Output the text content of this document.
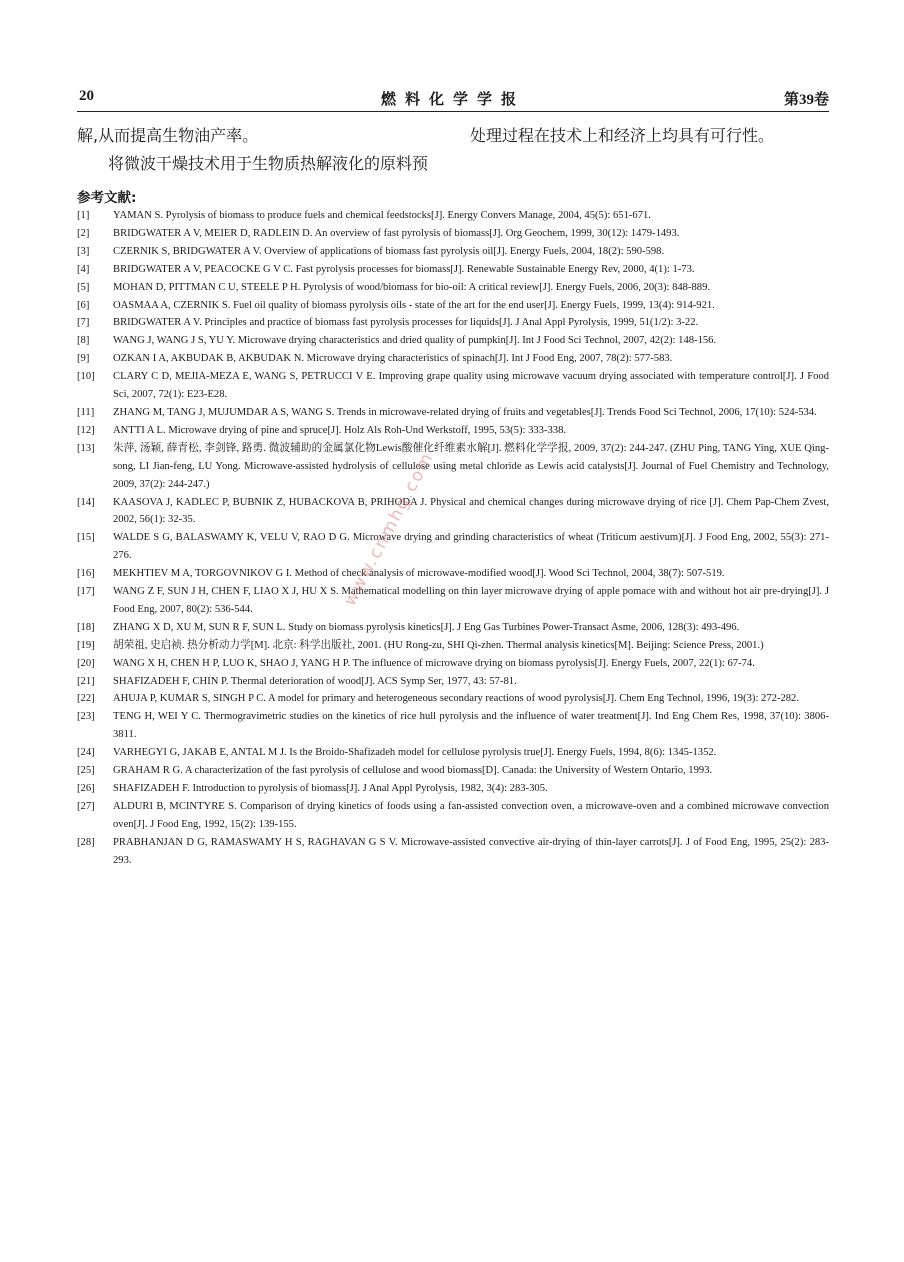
20	燃料化学学报	第39卷
解,从而提高生物油产率。
将微波干燥技术用于生物质热解液化的原料预
处理过程在技术上和经济上均具有可行性。
参考文献:
[1] YAMAN S. Pyrolysis of biomass to produce fuels and chemical feedstocks[J]. Energy Convers Manage, 2004, 45(5): 651-671.
[2] BRIDGWATER A V, MEIER D, RADLEIN D. An overview of fast pyrolysis of biomass[J]. Org Geochem, 1999, 30(12): 1479-1493.
[3] CZERNIK S, BRIDGWATER A V. Overview of applications of biomass fast pyrolysis oil[J]. Energy Fuels, 2004, 18(2): 590-598.
[4] BRIDGWATER A V, PEACOCKE G V C. Fast pyrolysis processes for biomass[J]. Renewable Sustainable Energy Rev, 2000, 4(1): 1-73.
[5] MOHAN D, PITTMAN C U, STEELE P H. Pyrolysis of wood/biomass for bio-oil: A critical review[J]. Energy Fuels, 2006, 20(3): 848-889.
[6] OASMAA A, CZERNIK S. Fuel oil quality of biomass pyrolysis oils - state of the art for the end user[J]. Energy Fuels, 1999, 13(4): 914-921.
[7] BRIDGWATER A V. Principles and practice of biomass fast pyrolysis processes for liquids[J]. J Anal Appl Pyrolysis, 1999, 51(1/2): 3-22.
[8] WANG J, WANG J S, YU Y. Microwave drying characteristics and dried quality of pumpkin[J]. Int J Food Sci Technol, 2007, 42(2): 148-156.
[9] OZKAN I A, AKBUDAK B, AKBUDAK N. Microwave drying characteristics of spinach[J]. Int J Food Eng, 2007, 78(2): 577-583.
[10] CLARY C D, MEJIA-MEZA E, WANG S, PETRUCCI V E. Improving grape quality using microwave vacuum drying associated with temperature control[J]. J Food Sci, 2007, 72(1): E23-E28.
[11] ZHANG M, TANG J, MUJUMDAR A S, WANG S. Trends in microwave-related drying of fruits and vegetables[J]. Trends Food Sci Technol, 2006, 17(10): 524-534.
[12] ANTTI A L. Microwave drying of pine and spruce[J]. Holz Als Roh-Und Werkstoff, 1995, 53(5): 333-338.
[13] 朱萍, 汤颖, 薛青松, 李剑锋, 路勇. 微波辅助的金属氯化物Lewis酸催化纤维素水解[J]. 燃料化学学报, 2009, 37(2): 244-247. (ZHU Ping, TANG Ying, XUE Qing-song, LI Jian-feng, LU Yong. Microwave-assisted hydrolysis of cellulose using metal chloride as Lewis acid catalysts[J]. Journal of Fuel Chemistry and Technology, 2009, 37(2): 244-247.)
[14] KAASOVA J, KADLEC P, BUBNIK Z, HUBACKOVA B, PRIHODA J. Physical and chemical changes during microwave drying of rice [J]. Chem Pap-Chem Zvest, 2002, 56(1): 32-35.
[15] WALDE S G, BALASWAMY K, VELU V, RAO D G. Microwave drying and grinding characteristics of wheat (Triticum aestivum)[J]. J Food Eng, 2002, 55(3): 271-276.
[16] MEKHTIEV M A, TORGOVNIKOV G I. Method of check analysis of microwave-modified wood[J]. Wood Sci Technol, 2004, 38(7): 507-519.
[17] WANG Z F, SUN J H, CHEN F, LIAO X J, HU X S. Mathematical modelling on thin layer microwave drying of apple pomace with and without hot air pre-drying[J]. J Food Eng, 2007, 80(2): 536-544.
[18] ZHANG X D, XU M, SUN R F, SUN L. Study on biomass pyrolysis kinetics[J]. J Eng Gas Turbines Power-Transact Asme, 2006, 128(3): 493-496.
[19] 胡荣祖, 史启祯. 热分析动力学[M]. 北京: 科学出版社, 2001. (HU Rong-zu, SHI Qi-zhen. Thermal analysis kinetics[M]. Beijing: Science Press, 2001.)
[20] WANG X H, CHEN H P, LUO K, SHAO J, YANG H P. The influence of microwave drying on biomass pyrolysis[J]. Energy Fuels, 2007, 22(1): 67-74.
[21] SHAFIZADEH F, CHIN P. Thermal deterioration of wood[J]. ACS Symp Ser, 1977, 43: 57-81.
[22] AHUJA P, KUMAR S, SINGH P C. A model for primary and heterogeneous secondary reactions of wood pyrolysis[J]. Chem Eng Technol, 1996, 19(3): 272-282.
[23] TENG H, WEI Y C. Thermogravimetric studies on the kinetics of rice hull pyrolysis and the influence of water treatment[J]. Ind Eng Chem Res, 1998, 37(10): 3806-3811.
[24] VARHEGYI G, JAKAB E, ANTAL M J. Is the Broido-Shafizadeh model for cellulose pyrolysis true[J]. Energy Fuels, 1994, 8(6): 1345-1352.
[25] GRAHAM R G. A characterization of the fast pyrolysis of cellulose and wood biomass[D]. Canada: the University of Western Ontario, 1993.
[26] SHAFIZADEH F. Introduction to pyrolysis of biomass[J]. J Anal Appl Pyrolysis, 1982, 3(4): 283-305.
[27] ALDURI B, MCINTYRE S. Comparison of drying kinetics of foods using a fan-assisted convection oven, a microwave-oven and a combined microwave convection oven[J]. J Food Eng, 1992, 15(2): 139-155.
[28] PRABHANJAN D G, RAMASWAMY H S, RAGHAVAN G S V. Microwave-assisted convective air-drying of thin-layer carrots[J]. J of Food Eng, 1995, 25(2): 283-293.
www.cnmhg.com
